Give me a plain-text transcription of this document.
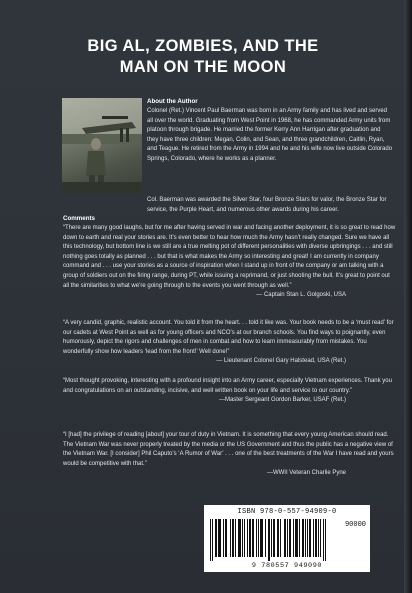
BIG AL, ZOMBIES, AND THE
MAN ON THE MOON
About the Author
Colonel (Ret.) Vincent Paul Baerman was born in an Army family and has lived and served all over the world. Graduating from West Point in 1968, he has commanded Army units from platoon through brigade. He married the former Kerry Ann Harrigan after graduation and they have three children: Megan, Colin, and Sean, and three grandchildren, Caitlin, Ryan, and Teague. He retired from the Army in 1994 and he and his wife now live outside Colorado Springs, Colorado, where he works as a planner.
Col. Baerman was awarded the Silver Star, four Bronze Stars for valor, the Bronze Star for service, the Purple Heart, and numerous other awards during his career.
Comments
“There are many good laughs, but for me after having served in war and facing another deployment, it is so great to read how down to earth and real your stories are. It’s even better to hear how much the Army hasn’t really changed. Sure we have all this technology, but bottom line is we still are a true melting pot of different personalities with diverse upbringings . . . and still nothing goes totally as planned . . . but that is what makes the Army so interesting and great! I am currently in company command and . . . use your stories as a source of inspiration when I stand up in front of the company or am talking with a group of soldiers out on the firing range, during PT, while issuing a reprimand, or just shooting the bull. It’s great to point out all the similarities to what we’re going through to the events you went through as well.”
— Captain Stan L. Golgoski, USA
“A very candid, graphic, realistic account. You told it from the heart. . . told it like was. Your book needs to be a ‘must read’ for our cadets at West Point as well as for young officers and NCO’s at our branch schools. You find ways to poignantly, even humorously, depict the rigors and challenges of men in combat and how to learn immeasurably from mistakes. You wonderfully show how leaders ‘lead from the front!’ Well done!”
— Lieutenant Colonel Gary Halstead, USA (Ret.)
“Most thought provoking, interesting with a profound insight into an Army career, especially Vietnam experiences. Thank you and congratulations on an outstanding, incisive, and well written book on your life and service to our country.”
—Master Sergeant Gordon Barker, USAF (Ret.)
“I [had] the privilege of reading [about] your tour of duty in Vietnam. It is something that every young American should read. The Vietnam War was never properly treated by the media or the US Government and thus the public has a negative view of the Vietnam War. [I consider] Phil Caputo’s ‘A Rumor of War’ . . . one of the best treatments of the War I have read and yours would be competitive with that.”
—WWII Veteran Charlie Pyne
ISBN 978-0-557-94909-0
90000
9 780557 949090
